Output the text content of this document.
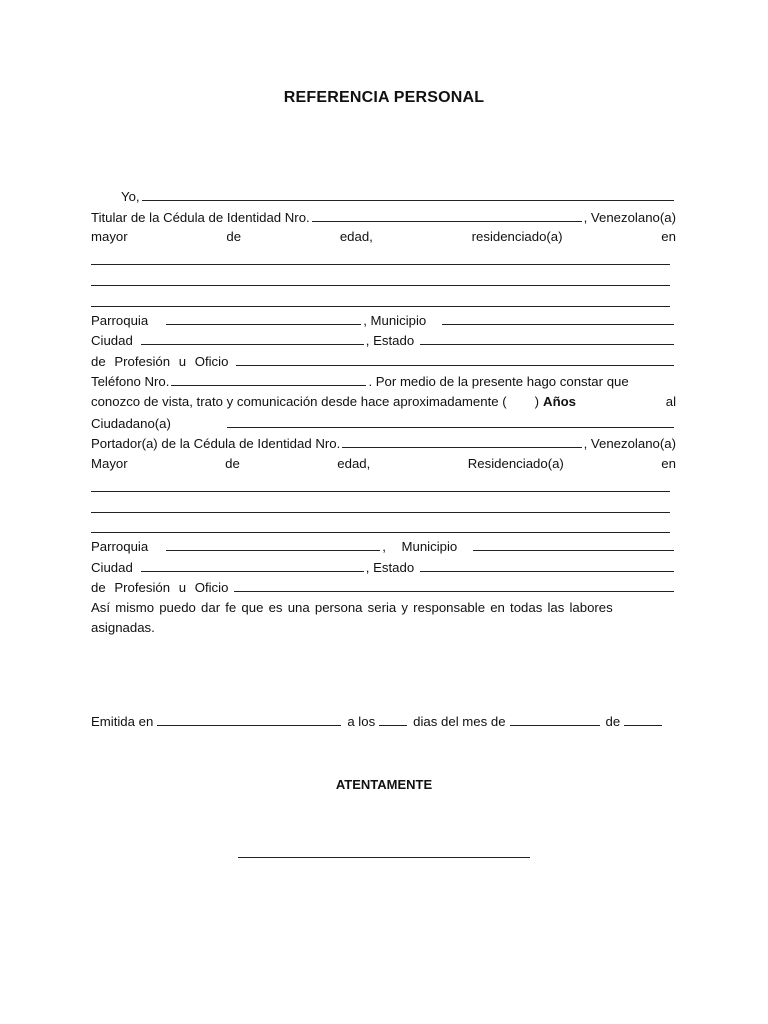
REFERENCIA PERSONAL
Yo,
Titular de la Cédula de Identidad Nro.	, Venezolano(a)
mayor	de	edad,	residenciado(a)	en
Parroquia	, Municipio
Ciudad	, Estado
de Profesión u Oficio
Teléfono Nro.	. Por medio de la presente hago constar que
conozco de vista, trato y comunicación desde hace aproximadamente ( ) Años	al
Ciudadano(a)
Portador(a) de la Cédula de Identidad Nro.	, Venezolano(a)
Mayor	de	edad,	Residenciado(a)	en
Parroquia	, Municipio
Ciudad	, Estado
de Profesión u Oficio
Así mismo puedo dar fe que es una persona seria y responsable en todas las labores
asignadas.
Emitida en	a los	dias del mes de	de
ATENTAMENTE
